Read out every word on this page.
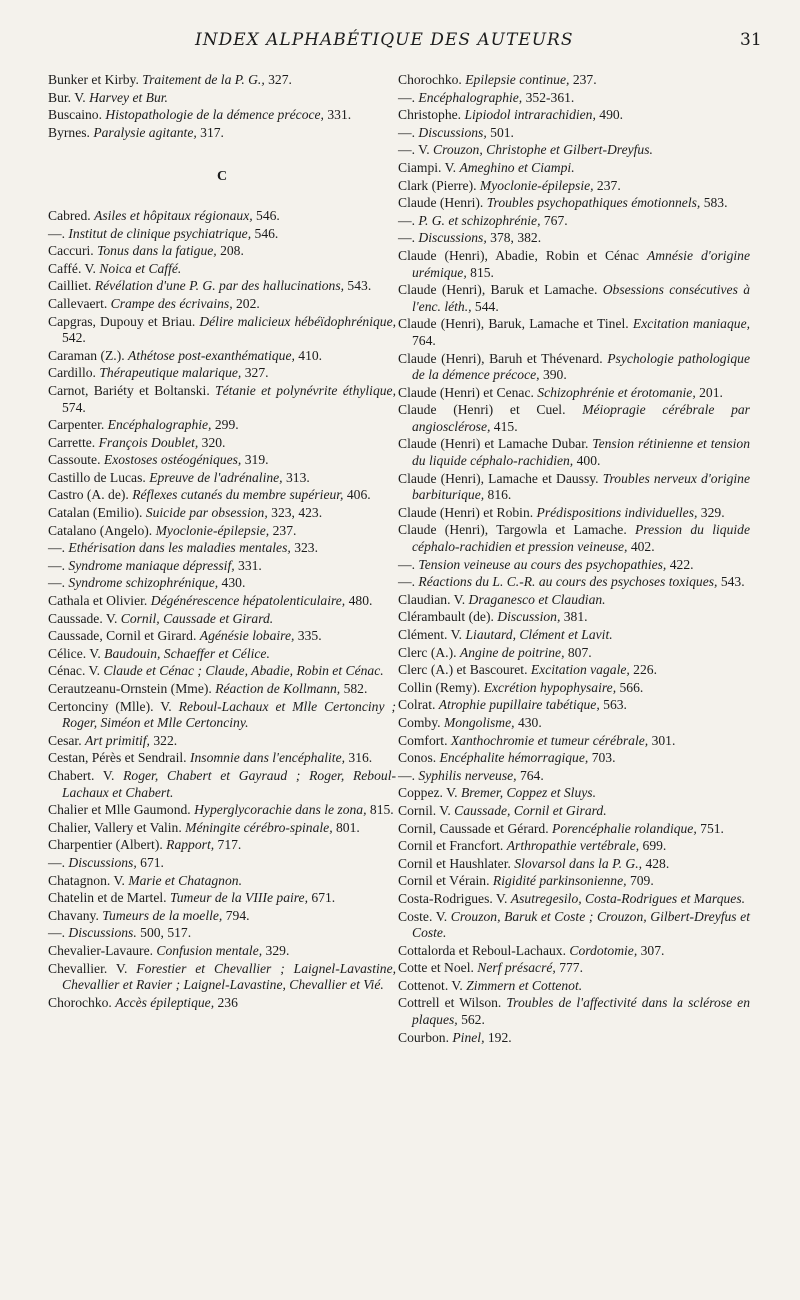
INDEX ALPHABÉTIQUE DES AUTEURS	31

Bunker et Kirby. Traitement de la P. G., 327.

Bur. V. Harvey et Bur.

Buscaino. Histopathologie de la démence précoce, 331.

Byrnes. Paralysie agitante, 317.

C

Cabred. Asiles et hôpitaux régionaux, 546.

—. Institut de clinique psychiatrique, 546.

Caccuri. Tonus dans la fatigue, 208.

Caffé. V. Noica et Caffé.

Cailliet. Révélation d'une P. G. par des hallucinations, 543.

Callevaert. Crampe des écrivains, 202.

Capgras, Dupouy et Briau. Délire malicieux hébéïdophrénique, 542.

Caraman (Z.). Athétose post-exanthématique, 410.

Cardillo. Thérapeutique malarique, 327.

Carnot, Bariéty et Boltanski. Tétanie et polynévrite éthylique, 574.

Carpenter. Encéphalographie, 299.

Carrette. François Doublet, 320.

Cassoute. Exostoses ostéogéniques, 319.

Castillo de Lucas. Epreuve de l'adrénaline, 313.

Castro (A. de). Réflexes cutanés du membre supérieur, 406.

Catalan (Emilio). Suicide par obsession, 323, 423.

Catalano (Angelo). Myoclonie-épilepsie, 237.

—. Ethérisation dans les maladies mentales, 323.

—. Syndrome maniaque dépressif, 331.

—. Syndrome schizophrénique, 430.

Cathala et Olivier. Dégénérescence hépatolenticulaire, 480.

Caussade. V. Cornil, Caussade et Girard.

Caussade, Cornil et Girard. Agénésie lobaire, 335.

Célice. V. Baudouin, Schaeffer et Célice.

Cénac. V. Claude et Cénac ; Claude, Abadie, Robin et Cénac.

Cerautzeanu-Ornstein (Mme). Réaction de Kollmann, 582.

Certonciny (Mlle). V. Reboul-Lachaux et Mlle Certonciny ; Roger, Siméon et Mlle Certonciny.

Cesar. Art primitif, 322.

Cestan, Pérès et Sendrail. Insomnie dans l'encéphalite, 316.

Chabert. V. Roger, Chabert et Gayraud ; Roger, Reboul-Lachaux et Chabert.

Chalier et Mlle Gaumond. Hyperglycorachie dans le zona, 815.

Chalier, Vallery et Valin. Méningite cérébro-spinale, 801.

Charpentier (Albert). Rapport, 717.

—. Discussions, 671.

Chatagnon. V. Marie et Chatagnon.

Chatelin et de Martel. Tumeur de la VIIIe paire, 671.

Chavany. Tumeurs de la moelle, 794.

—. Discussions. 500, 517.

Chevalier-Lavaure. Confusion mentale, 329.

Chevallier. V. Forestier et Chevallier ; Laignel-Lavastine, Chevallier et Ravier ; Laignel-Lavastine, Chevallier et Vié.

Chorochko. Accès épileptique, 236

Chorochko. Epilepsie continue, 237.

—. Encéphalographie, 352-361.

Christophe. Lipiodol intrarachidien, 490.

—. Discussions, 501.

—. V. Crouzon, Christophe et Gilbert-Dreyfus.

Ciampi. V. Ameghino et Ciampi.

Clark (Pierre). Myoclonie-épilepsie, 237.

Claude (Henri). Troubles psychopathiques émotionnels, 583.

—. P. G. et schizophrénie, 767.

—. Discussions, 378, 382.

Claude (Henri), Abadie, Robin et Cénac Amnésie d'origine urémique, 815.

Claude (Henri), Baruk et Lamache. Obsessions consécutives à l'enc. léth., 544.

Claude (Henri), Baruk, Lamache et Tinel. Excitation maniaque, 764.

Claude (Henri), Baruh et Thévenard. Psychologie pathologique de la démence précoce, 390.

Claude (Henri) et Cenac. Schizophrénie et érotomanie, 201.

Claude (Henri) et Cuel. Méiopragie cérébrale par angiosclérose, 415.

Claude (Henri) et Lamache Dubar. Tension rétinienne et tension du liquide céphalo-rachidien, 400.

Claude (Henri), Lamache et Daussy. Troubles nerveux d'origine barbiturique, 816.

Claude (Henri) et Robin. Prédispositions individuelles, 329.

Claude (Henri), Targowla et Lamache. Pression du liquide céphalo-rachidien et pression veineuse, 402.

—. Tension veineuse au cours des psychopathies, 422.

—. Réactions du L. C.-R. au cours des psychoses toxiques, 543.

Claudian. V. Draganesco et Claudian.

Clérambault (de). Discussion, 381.

Clément. V. Liautard, Clément et Lavit.

Clerc (A.). Angine de poitrine, 807.

Clerc (A.) et Bascouret. Excitation vagale, 226.

Collin (Remy). Excrétion hypophysaire, 566.

Colrat. Atrophie pupillaire tabétique, 563.

Comby. Mongolisme, 430.

Comfort. Xanthochromie et tumeur cérébrale, 301.

Conos. Encéphalite hémorragique, 703.

—. Syphilis nerveuse, 764.

Coppez. V. Bremer, Coppez et Sluys.

Cornil. V. Caussade, Cornil et Girard.

Cornil, Caussade et Gérard. Porencéphalie rolandique, 751.

Cornil et Francfort. Arthropathie vertébrale, 699.

Cornil et Haushlater. Slovarsol dans la P. G., 428.

Cornil et Vérain. Rigidité parkinsonienne, 709.

Costa-Rodrigues. V. Asutregesilo, Costa-Rodrigues et Marques.

Coste. V. Crouzon, Baruk et Coste ; Crouzon, Gilbert-Dreyfus et Coste.

Cottalorda et Reboul-Lachaux. Cordotomie, 307.

Cotte et Noel. Nerf présacré, 777.

Cottenot. V. Zimmern et Cottenot.

Cottrell et Wilson. Troubles de l'affectivité dans la sclérose en plaques, 562.

Courbon. Pinel, 192.
